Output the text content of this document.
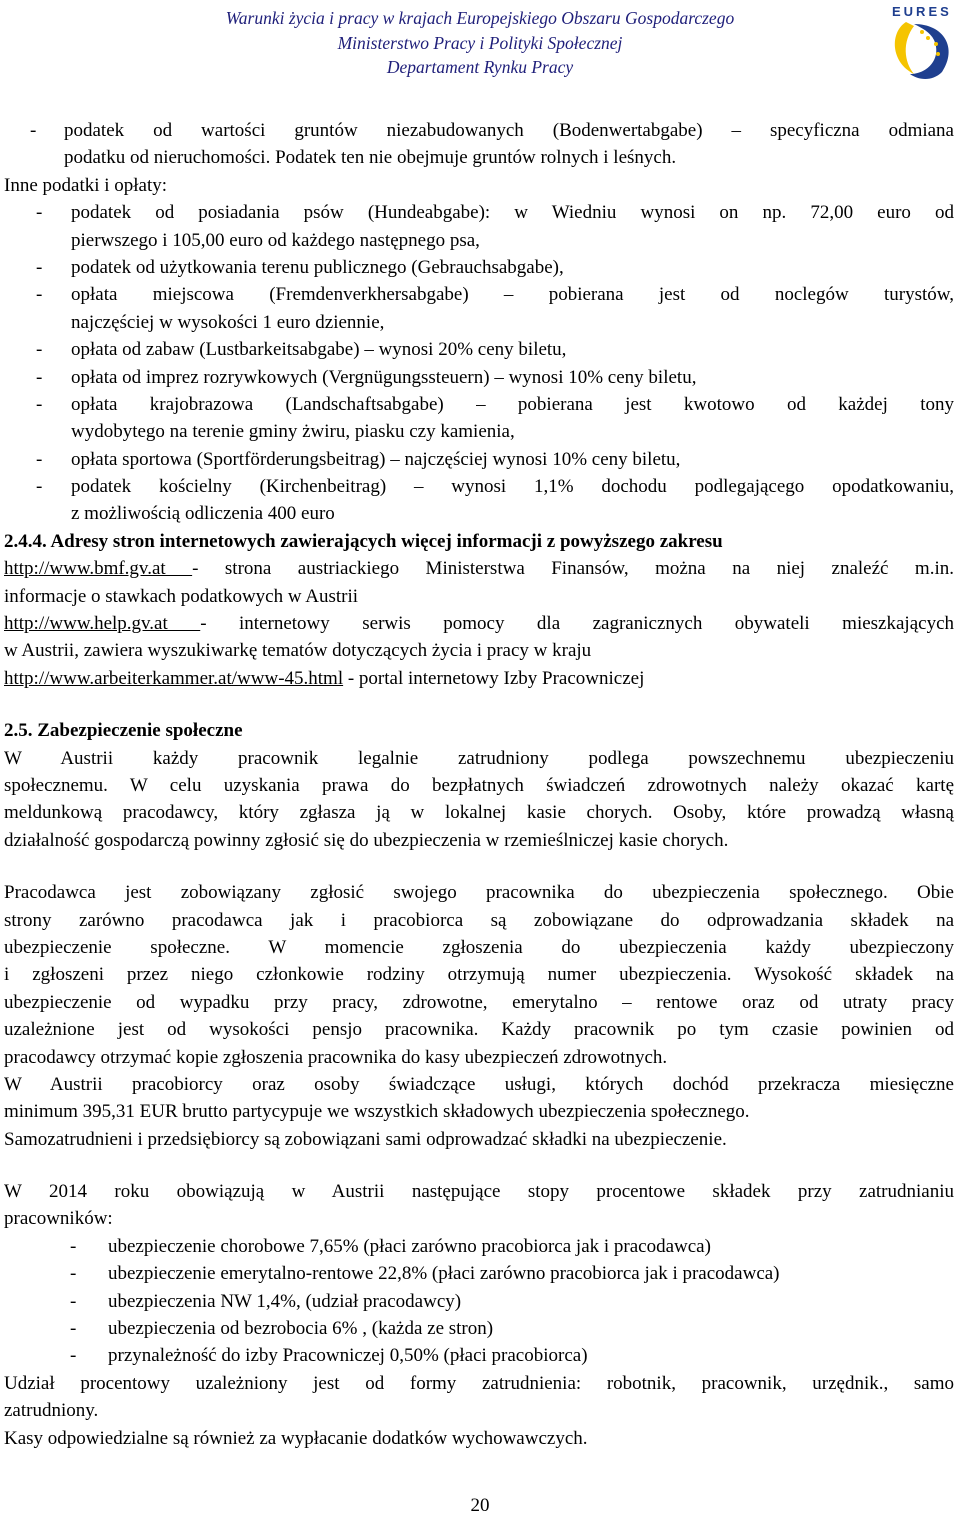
Warunki życia i pracy w krajach Europejskiego Obszaru Gospodarczego
Ministerstwo Pracy i Polityki Społecznej
Departament Rynku Pracy
EURES
- podatek od wartości gruntów niezabudowanych (Bodenwertabgabe) – specyficzna odmiana
podatku od nieruchomości. Podatek ten nie obejmuje gruntów rolnych i leśnych.
Inne podatki i opłaty:
- podatek od posiadania psów (Hundeabgabe): w Wiedniu wynosi on np. 72,00 euro od
pierwszego i 105,00 euro od każdego następnego psa,
- podatek od użytkowania terenu publicznego (Gebrauchsabgabe),
- opłata miejscowa (Fremdenverkhersabgabe) – pobierana jest od noclegów turystów,
najczęściej w wysokości 1 euro dziennie,
- opłata od zabaw (Lustbarkeitsabgabe) – wynosi 20% ceny biletu,
- opłata od imprez rozrywkowych (Vergnügungssteuern) – wynosi 10% ceny biletu,
- opłata krajobrazowa (Landschaftsabgabe) – pobierana jest kwotowo od każdej tony
wydobytego na terenie gminy żwiru, piasku czy kamienia,
- opłata sportowa (Sportförderungsbeitrag) – najczęściej wynosi 10% ceny biletu,
- podatek kościelny (Kirchenbeitrag) – wynosi 1,1% dochodu podlegającego opodatkowaniu,
z możliwością odliczenia 400 euro
2.4.4. Adresy stron internetowych zawierających więcej informacji z powyższego zakresu
http://www.bmf.gv.at - strona austriackiego Ministerstwa Finansów, można na niej znaleźć m.in.
informacje o stawkach podatkowych w Austrii
http://www.help.gv.at - internetowy serwis pomocy dla zagranicznych obywateli mieszkających
w Austrii, zawiera wyszukiwarkę tematów dotyczących życia i pracy w kraju
http://www.arbeiterkammer.at/www-45.html - portal internetowy Izby Pracowniczej
2.5. Zabezpieczenie społeczne
W Austrii każdy pracownik legalnie zatrudniony podlega powszechnemu ubezpieczeniu
społecznemu. W celu uzyskania prawa do bezpłatnych świadczeń zdrowotnych należy okazać kartę
meldunkową pracodawcy, który zgłasza ją w lokalnej kasie chorych. Osoby, które prowadzą własną
działalność gospodarczą powinny zgłosić się do ubezpieczenia w rzemieślniczej kasie chorych.
Pracodawca jest zobowiązany zgłosić swojego pracownika do ubezpieczenia społecznego. Obie
strony zarówno pracodawca jak i pracobiorca są zobowiązane do odprowadzania składek na
ubezpieczenie społeczne. W momencie zgłoszenia do ubezpieczenia każdy ubezpieczony
i zgłoszeni przez niego członkowie rodziny otrzymują numer ubezpieczenia. Wysokość składek na
ubezpieczenie od wypadku przy pracy, zdrowotne, emerytalno – rentowe oraz od utraty pracy
uzależnione jest od wysokości pensjo pracownika. Każdy pracownik po tym czasie powinien od
pracodawcy otrzymać kopie zgłoszenia pracownika do kasy ubezpieczeń zdrowotnych.
W Austrii pracobiorcy oraz osoby świadczące usługi, których dochód przekracza miesięczne
minimum 395,31 EUR brutto partycypuje we wszystkich składowych ubezpieczenia społecznego.
Samozatrudnieni i przedsiębiorcy są zobowiązani sami odprowadzać składki na ubezpieczenie.
W 2014 roku obowiązują w Austrii następujące stopy procentowe składek przy zatrudnianiu
pracowników:
- ubezpieczenie chorobowe 7,65% (płaci zarówno pracobiorca jak i pracodawca)
- ubezpieczenie emerytalno-rentowe 22,8% (płaci zarówno pracobiorca jak i pracodawca)
- ubezpieczenia NW 1,4%, (udział pracodawcy)
- ubezpieczenia od bezrobocia 6% , (każda ze stron)
- przynależność do izby Pracowniczej 0,50% (płaci pracobiorca)
Udział procentowy uzależniony jest od formy zatrudnienia: robotnik, pracownik, urzędnik., samo
zatrudniony.
Kasy odpowiedzialne są również za wypłacanie dodatków wychowawczych.
20
